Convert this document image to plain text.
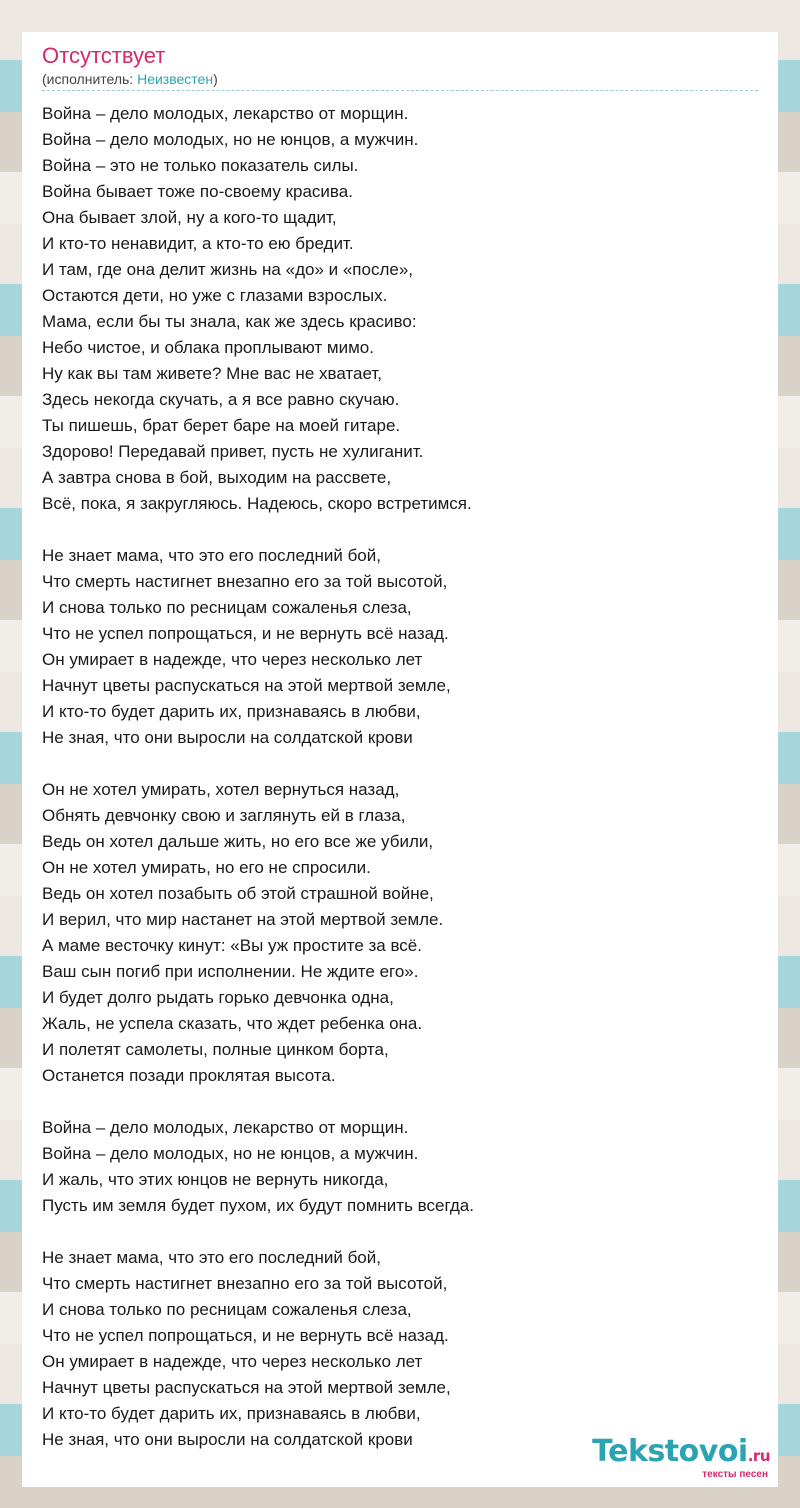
Отсутствует
(исполнитель: Неизвестен)
Война – дело молодых, лекарство от морщин.
Война – дело молодых, но не юнцов, а мужчин.
Война – это не только показатель силы.
Война бывает тоже по-своему красива.
Она бывает злой, ну а кого-то щадит,
И кто-то ненавидит, а кто-то ею бредит.
И там, где она делит жизнь на «до» и «после»,
Остаются дети, но уже с глазами взрослых.
Мама, если бы ты знала, как же здесь красиво:
Небо чистое, и облака проплывают мимо.
Ну как вы там живете? Мне вас не хватает,
Здесь некогда скучать, а я все равно скучаю.
Ты пишешь, брат берет баре на моей гитаре.
Здорово! Передавай привет, пусть не хулиганит.
А завтра снова в бой, выходим на рассвете,
Всё, пока, я закругляюсь. Надеюсь, скоро встретимся.
Не знает мама, что это его последний бой,
Что смерть настигнет внезапно его за той высотой,
И снова только по ресницам сожаленья слеза,
Что не успел попрощаться, и не вернуть всё назад.
Он умирает в надежде, что через несколько лет
Начнут цветы распускаться на этой мертвой земле,
И кто-то будет дарить их, признаваясь в любви,
Не зная, что они выросли на солдатской крови
Он не хотел умирать, хотел вернуться назад,
Обнять девчонку свою и заглянуть ей в глаза,
Ведь он хотел дальше жить, но его все же убили,
Он не хотел умирать, но его не спросили.
Ведь он хотел позабыть об этой страшной войне,
И верил, что мир настанет на этой мертвой земле.
А маме весточку кинут: «Вы уж простите за всё.
Ваш сын погиб при исполнении. Не ждите его».
И будет долго рыдать горько девчонка одна,
Жаль, не успела сказать, что ждет ребенка она.
И полетят самолеты, полные цинком борта,
Останется позади проклятая высота.
Война – дело молодых, лекарство от морщин.
Война – дело молодых, но не юнцов, а мужчин.
И жаль, что этих юнцов не вернуть никогда,
Пусть им земля будет пухом, их будут помнить всегда.
Не знает мама, что это его последний бой,
Что смерть настигнет внезапно его за той высотой,
И снова только по ресницам сожаленья слеза,
Что не успел попрощаться, и не вернуть всё назад.
Он умирает в надежде, что через несколько лет
Начнут цветы распускаться на этой мертвой земле,
И кто-то будет дарить их, признаваясь в любви,
Не зная, что они выросли на солдатской крови	Tekstovoi.ru
тексты песен
